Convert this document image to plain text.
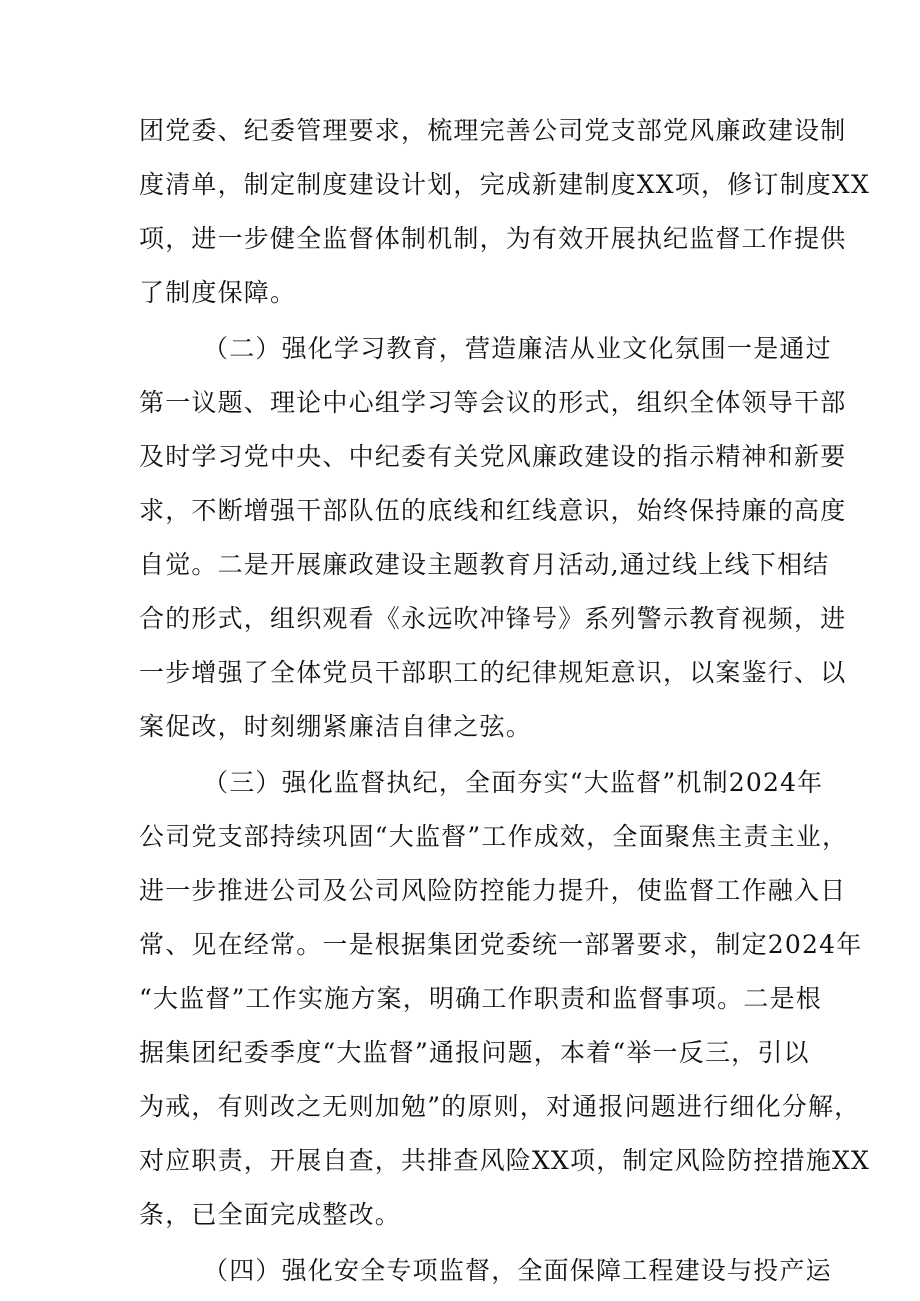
团党委、纪委管理要求，梳理完善公司党支部党风廉政建设制
度清单，制定制度建设计划，完成新建制度XX项，修订制度XX
项，进一步健全监督体制机制，为有效开展执纪监督工作提供
了制度保障。
（二）强化学习教育，营造廉洁从业文化氛围一是通过
第一议题、理论中心组学习等会议的形式，组织全体领导干部
及时学习党中央、中纪委有关党风廉政建设的指示精神和新要
求，不断增强干部队伍的底线和红线意识，始终保持廉的高度
自觉。二是开展廉政建设主题教育月活动,通过线上线下相结
合的形式，组织观看《永远吹冲锋号》系列警示教育视频，进
一步增强了全体党员干部职工的纪律规矩意识，以案鉴行、以
案促改，时刻绷紧廉洁自律之弦。
（三）强化监督执纪，全面夯实“大监督”机制2024年
公司党支部持续巩固“大监督”工作成效，全面聚焦主责主业，
进一步推进公司及公司风险防控能力提升，使监督工作融入日
常、见在经常。一是根据集团党委统一部署要求，制定2024年
“大监督”工作实施方案，明确工作职责和监督事项。二是根
据集团纪委季度“大监督”通报问题，本着“举一反三，引以
为戒，有则改之无则加勉”的原则，对通报问题进行细化分解，
对应职责，开展自查，共排查风险XX项，制定风险防控措施XX
条，已全面完成整改。
（四）强化安全专项监督，全面保障工程建设与投产运
